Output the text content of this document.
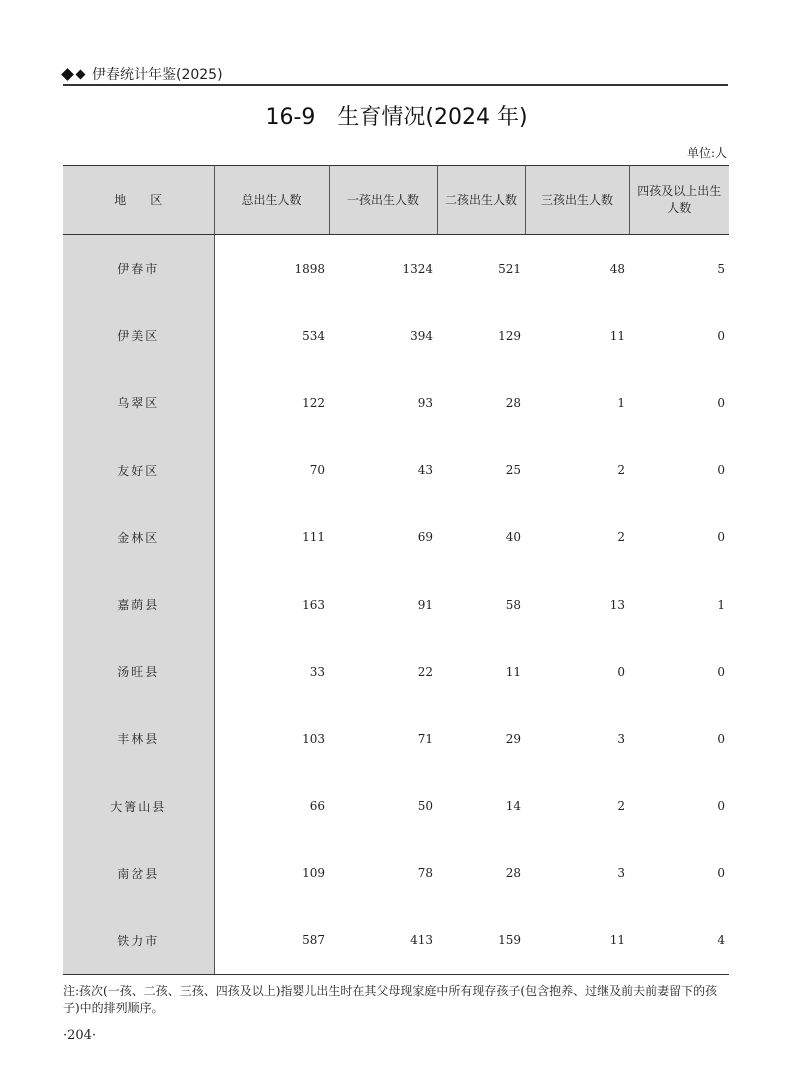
伊春统计年鉴(2025)
16-9　生育情况(2024 年)
单位:人
地　　区	总出生人数	一孩出生人数	二孩出生人数	三孩出生人数	四孩及以上出生人数
伊春市	1898	1324	521	48	5
伊美区	534	394	129	11	0
乌翠区	122	93	28	1	0
友好区	70	43	25	2	0
金林区	111	69	40	2	0
嘉荫县	163	91	58	13	1
汤旺县	33	22	11	0	0
丰林县	103	71	29	3	0
大箐山县	66	50	14	2	0
南岔县	109	78	28	3	0
铁力市	587	413	159	11	4
注:孩次(一孩、二孩、三孩、四孩及以上)指婴儿出生时在其父母现家庭中所有现存孩子(包含抱养、过继及前夫前妻留下的孩子)中的排列顺序。
·204·
